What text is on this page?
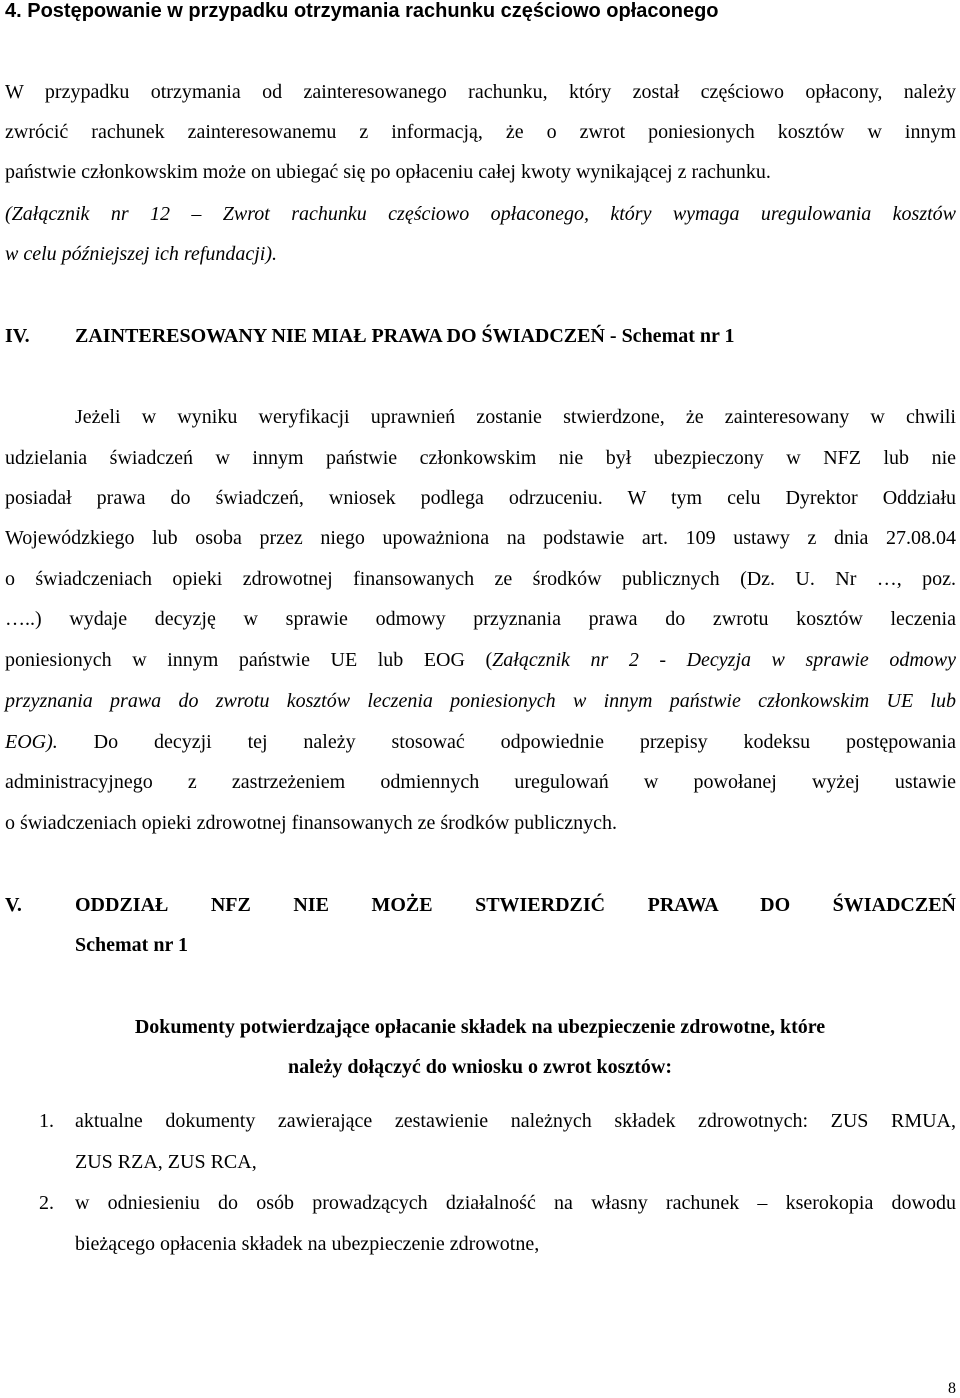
4. Postępowanie w przypadku otrzymania rachunku częściowo opłaconego
W przypadku otrzymania od zainteresowanego rachunku, który został częściowo opłacony, należy
zwrócić rachunek zainteresowanemu z informacją, że o zwrot poniesionych kosztów w innym
państwie członkowskim może on ubiegać się po opłaceniu całej kwoty wynikającej z rachunku.
(Załącznik nr 12 – Zwrot rachunku częściowo opłaconego, który wymaga uregulowania kosztów
w celu późniejszej ich refundacji).
IV. ZAINTERESOWANY NIE MIAŁ PRAWA DO ŚWIADCZEŃ - Schemat nr 1
Jeżeli w wyniku weryfikacji uprawnień zostanie stwierdzone, że zainteresowany w chwili
udzielania świadczeń w innym państwie członkowskim nie był ubezpieczony w NFZ lub nie
posiadał prawa do świadczeń, wniosek podlega odrzuceniu. W tym celu Dyrektor Oddziału
Wojewódzkiego lub osoba przez niego upoważniona na podstawie art. 109 ustawy z dnia 27.08.04
o świadczeniach opieki zdrowotnej finansowanych ze środków publicznych (Dz. U. Nr …, poz.
…..) wydaje decyzję w sprawie odmowy przyznania prawa do zwrotu kosztów leczenia
poniesionych w innym państwie UE lub EOG (Załącznik nr 2 - Decyzja w sprawie odmowy
przyznania prawa do zwrotu kosztów leczenia poniesionych w innym państwie członkowskim UE lub
EOG). Do decyzji tej należy stosować odpowiednie przepisy kodeksu postępowania
administracyjnego z zastrzeżeniem odmiennych uregulowań w powołanej wyżej ustawie
o świadczeniach opieki zdrowotnej finansowanych ze środków publicznych.
V.	ODDZIAŁ NFZ NIE MOŻE STWIERDZIĆ PRAWA DO ŚWIADCZEŃ
Schemat nr 1
Dokumenty potwierdzające opłacanie składek na ubezpieczenie zdrowotne, które
należy dołączyć do wniosku o zwrot kosztów:
1. aktualne dokumenty zawierające zestawienie należnych składek zdrowotnych: ZUS RMUA,
ZUS RZA, ZUS RCA,
2. w odniesieniu do osób prowadzących działalność na własny rachunek – kserokopia dowodu
bieżącego opłacenia składek na ubezpieczenie zdrowotne,
8
